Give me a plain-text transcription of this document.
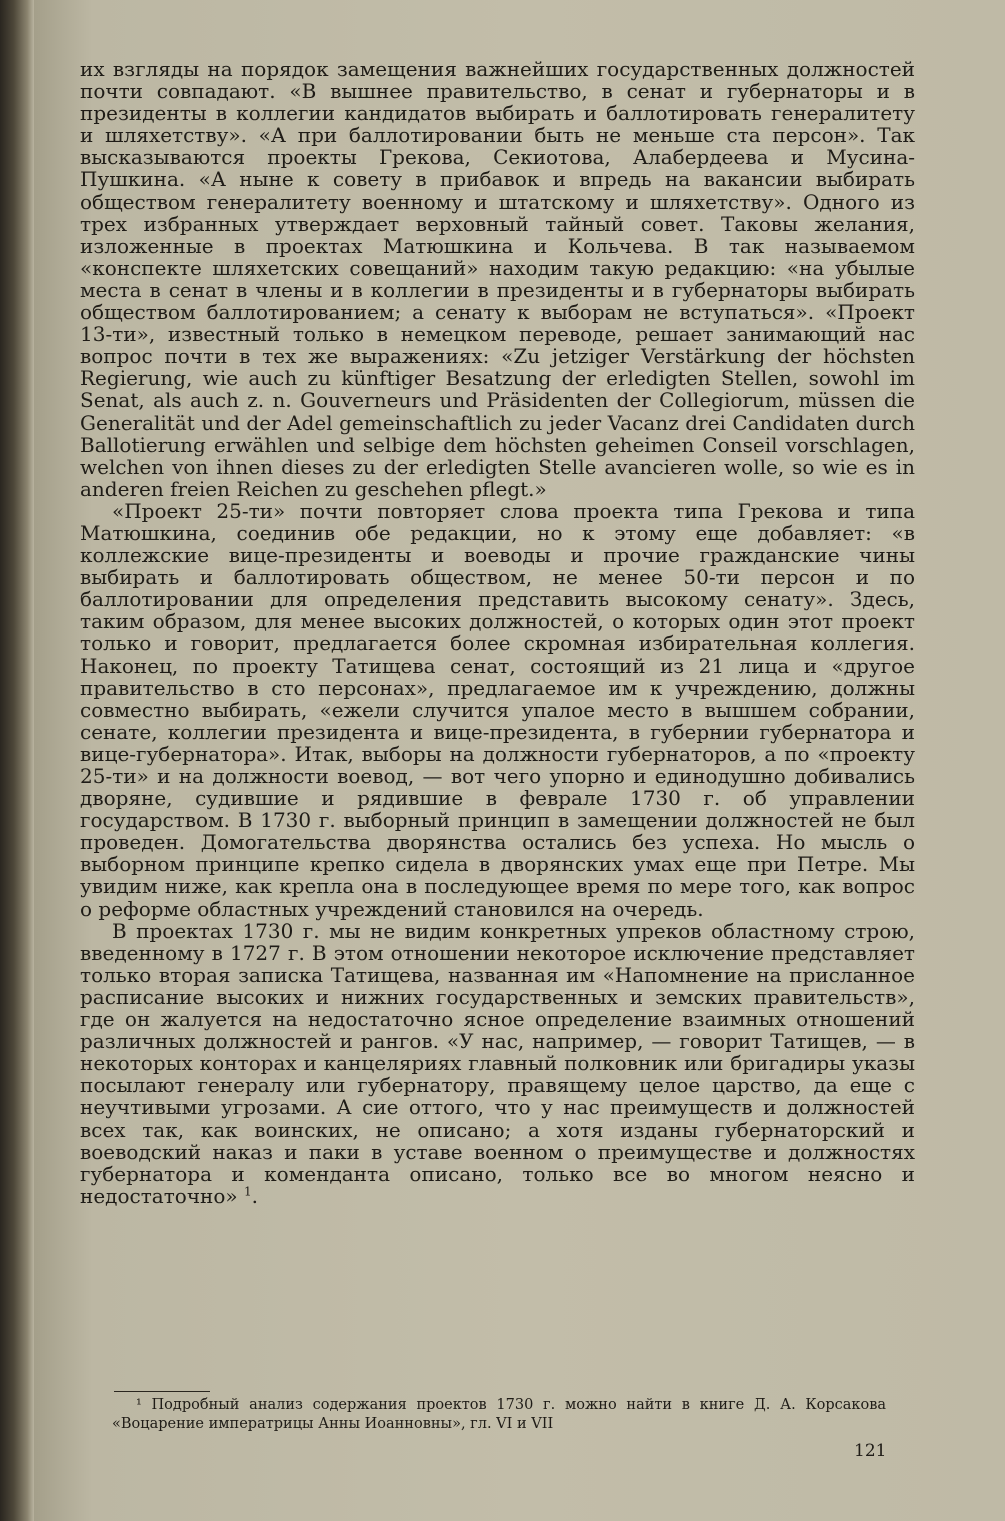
их взгляды на порядок замещения важнейших государственных должностей почти совпадают. «В вышнее правительство, в сенат и губернаторы и в президенты в коллегии кандидатов выбирать и баллотировать генералитету и шляхетству». «А при баллотировании быть не меньше ста персон». Так высказываются проекты Грекова, Секиотова, Алабердеева и Мусина-Пушкина. «А ныне к совету в прибавок и впредь на вакансии выбирать обществом генералитету военному и штатскому и шляхетству». Одного из трех избранных утверждает верховный тайный совет. Таковы желания, изложенные в проектах Матюшкина и Кольчева. В так называемом «конспекте шляхетских совещаний» находим такую редакцию: «на убылые места в сенат в члены и в коллегии в президенты и в губернаторы выбирать обществом баллотированием; а сенату к выборам не вступаться». «Проект 13-ти», известный только в немецком переводе, решает занимающий нас вопрос почти в тех же выражениях: «Zu jetziger Verstärkung der höchsten Regierung, wie auch zu künftiger Besatzung der erledigten Stellen, sowohl im Senat, als auch z. n. Gouverneurs und Präsidenten der Collegiorum, müssen die Generalität und der Adel gemeinschaftlich zu jeder Vacanz drei Candidaten durch Ballotierung erwählen und selbige dem höchsten geheimen Conseil vorschlagen, welchen von ihnen dieses zu der erledigten Stelle avancieren wolle, so wie es in anderen freien Reichen zu geschehen pflegt.»

«Проект 25-ти» почти повторяет слова проекта типа Грекова и типа Матюшкина, соединив обе редакции, но к этому еще добавляет: «в коллежские вице-президенты и воеводы и прочие гражданские чины выбирать и баллотировать обществом, не менее 50-ти персон и по баллотировании для определения представить высокому сенату». Здесь, таким образом, для менее высоких должностей, о которых один этот проект только и говорит, предлагается более скромная избирательная коллегия. Наконец, по проекту Татищева сенат, состоящий из 21 лица и «другое правительство в сто персонах», предлагаемое им к учреждению, должны совместно выбирать, «ежели случится упалое место в вышшем собрании, сенате, коллегии президента и вице-президента, в губернии губернатора и вице-губернатора». Итак, выборы на должности губернаторов, а по «проекту 25-ти» и на должности воевод, — вот чего упорно и единодушно добивались дворяне, судившие и рядившие в феврале 1730 г. об управлении государством. В 1730 г. выборный принцип в замещении должностей не был проведен. Домогательства дворянства остались без успеха. Но мысль о выборном принципе крепко сидела в дворянских умах еще при Петре. Мы увидим ниже, как крепла она в последующее время по мере того, как вопрос о реформе областных учреждений становился на очередь.

В проектах 1730 г. мы не видим конкретных упреков областному строю, введенному в 1727 г. В этом отношении некоторое исключение представляет только вторая записка Татищева, названная им «Напомнение на присланное расписание высоких и нижних государственных и земских правительств», где он жалуется на недостаточно ясное определение взаимных отношений различных должностей и рангов. «У нас, например, — говорит Татищев, — в некоторых конторах и канцеляриях главный полковник или бригадиры указы посылают генералу или губернатору, правящему целое царство, да еще с неучтивыми угрозами. А сие оттого, что у нас преимуществ и должностей всех так, как воинских, не описано; а хотя изданы губернаторский и воеводский наказ и паки в уставе военном о преимуществе и должностях губернатора и коменданта описано, только все во многом неясно и недостаточно» $^1$.

¹ Подробный анализ содержания проектов 1730 г. можно найти в книге Д. А. Корсакова «Воцарение императрицы Анны Иоанновны», гл. VI и VII
121
